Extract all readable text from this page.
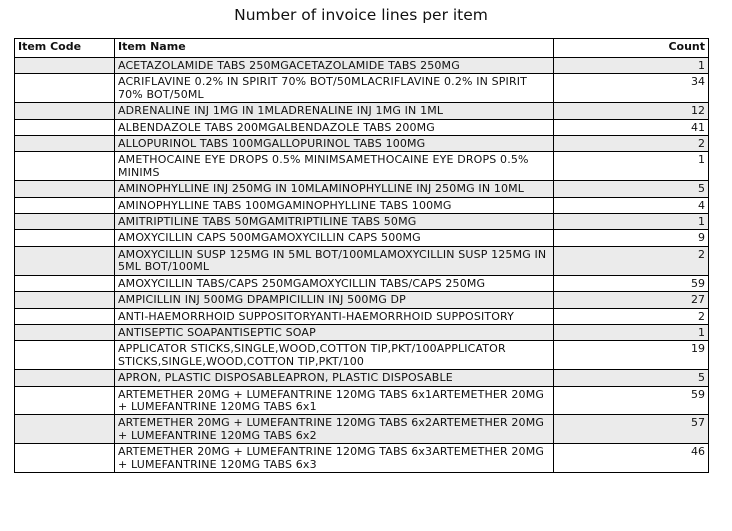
Number of invoice lines per item
Item Code	Item Name	Count
	ACETAZOLAMIDE TABS 250MGACETAZOLAMIDE TABS 250MG	1
	ACRIFLAVINE 0.2% IN SPIRIT 70% BOT/50MLACRIFLAVINE 0.2% IN SPIRIT 70% BOT/50ML	34
	ADRENALINE INJ 1MG IN 1MLADRENALINE INJ 1MG IN 1ML	12
	ALBENDAZOLE TABS 200MGALBENDAZOLE TABS 200MG	41
	ALLOPURINOL TABS 100MGALLOPURINOL TABS 100MG	2
	AMETHOCAINE EYE DROPS 0.5% MINIMSAMETHOCAINE EYE DROPS 0.5% MINIMS	1
	AMINOPHYLLINE INJ 250MG IN 10MLAMINOPHYLLINE INJ 250MG IN 10ML	5
	AMINOPHYLLINE TABS 100MGAMINOPHYLLINE TABS 100MG	4
	AMITRIPTILINE TABS 50MGAMITRIPTILINE TABS 50MG	1
	AMOXYCILLIN CAPS 500MGAMOXYCILLIN CAPS 500MG	9
	AMOXYCILLIN SUSP 125MG IN 5ML BOT/100MLAMOXYCILLIN SUSP 125MG IN 5ML BOT/100ML	2
	AMOXYCILLIN TABS/CAPS 250MGAMOXYCILLIN TABS/CAPS 250MG	59
	AMPICILLIN INJ 500MG DPAMPICILLIN INJ 500MG DP	27
	ANTI-HAEMORRHOID SUPPOSITORYANTI-HAEMORRHOID SUPPOSITORY	2
	ANTISEPTIC SOAPANTISEPTIC SOAP	1
	APPLICATOR STICKS,SINGLE,WOOD,COTTON TIP,PKT/100APPLICATOR STICKS,SINGLE,WOOD,COTTON TIP,PKT/100	19
	APRON, PLASTIC DISPOSABLEAPRON, PLASTIC DISPOSABLE	5
	ARTEMETHER 20MG + LUMEFANTRINE 120MG TABS 6x1ARTEMETHER 20MG + LUMEFANTRINE 120MG TABS 6x1	59
	ARTEMETHER 20MG + LUMEFANTRINE 120MG TABS 6x2ARTEMETHER 20MG + LUMEFANTRINE 120MG TABS 6x2	57
	ARTEMETHER 20MG + LUMEFANTRINE 120MG TABS 6x3ARTEMETHER 20MG + LUMEFANTRINE 120MG TABS 6x3	46
